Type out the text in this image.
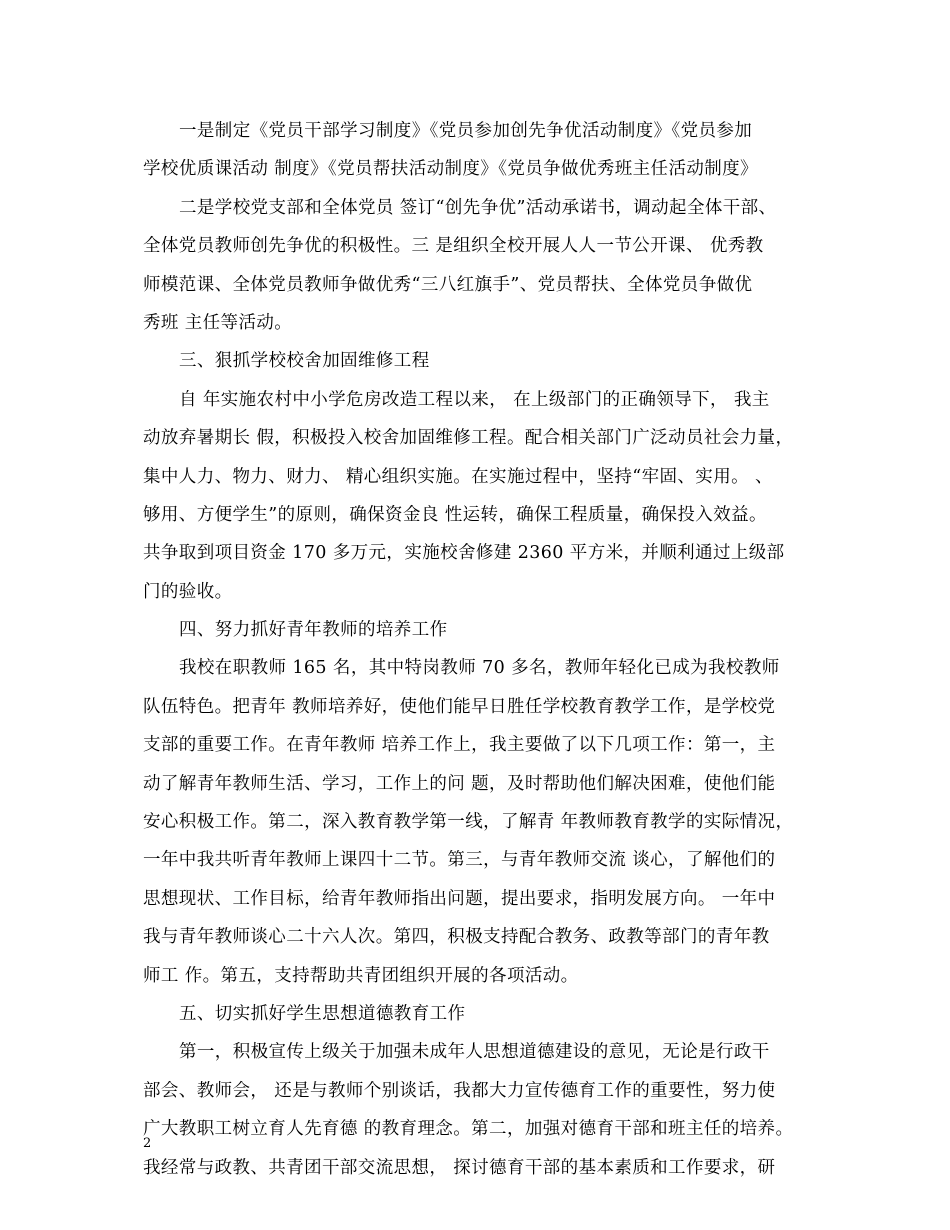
一是制定《党员干部学习制度》《党员参加创先争优活动制度》《党员参加
学校优质课活动 制度》《党员帮扶活动制度》《党员争做优秀班主任活动制度》
二是学校党支部和全体党员 签订“创先争优”活动承诺书，调动起全体干部、
全体党员教师创先争优的积极性。三 是组织全校开展人人一节公开课、 优秀教
师模范课、全体党员教师争做优秀“三八红旗手”、党员帮扶、全体党员争做优
秀班 主任等活动。
三、狠抓学校校舍加固维修工程
自 年实施农村中小学危房改造工程以来， 在上级部门的正确领导下， 我主
动放弃暑期长 假，积极投入校舍加固维修工程。配合相关部门广泛动员社会力量，
集中人力、物力、财力、 精心组织实施。在实施过程中，坚持“牢固、实用。 、
够用、方便学生”的原则，确保资金良 性运转，确保工程质量，确保投入效益。
共争取到项目资金 170 多万元，实施校舍修建 2360 平方米，并顺利通过上级部
门的验收。
四、努力抓好青年教师的培养工作
我校在职教师 165 名，其中特岗教师 70 多名，教师年轻化已成为我校教师
队伍特色。把青年 教师培养好，使他们能早日胜任学校教育教学工作，是学校党
支部的重要工作。在青年教师 培养工作上，我主要做了以下几项工作：第一，主
动了解青年教师生活、学习，工作上的问 题，及时帮助他们解决困难，使他们能
安心积极工作。第二，深入教育教学第一线，了解青 年教师教育教学的实际情况，
一年中我共听青年教师上课四十二节。第三，与青年教师交流 谈心，了解他们的
思想现状、工作目标，给青年教师指出问题，提出要求，指明发展方向。 一年中
我与青年教师谈心二十六人次。第四，积极支持配合教务、政教等部门的青年教
师工 作。第五，支持帮助共青团组织开展的各项活动。
五、切实抓好学生思想道德教育工作
第一，积极宣传上级关于加强未成年人思想道德建设的意见，无论是行政干
部会、教师会， 还是与教师个别谈话，我都大力宣传德育工作的重要性，努力使
广大教职工树立育人先育德 的教育理念。第二，加强对德育干部和班主任的培养。
我经常与政教、共青团干部交流思想， 探讨德育干部的基本素质和工作要求，研
2
